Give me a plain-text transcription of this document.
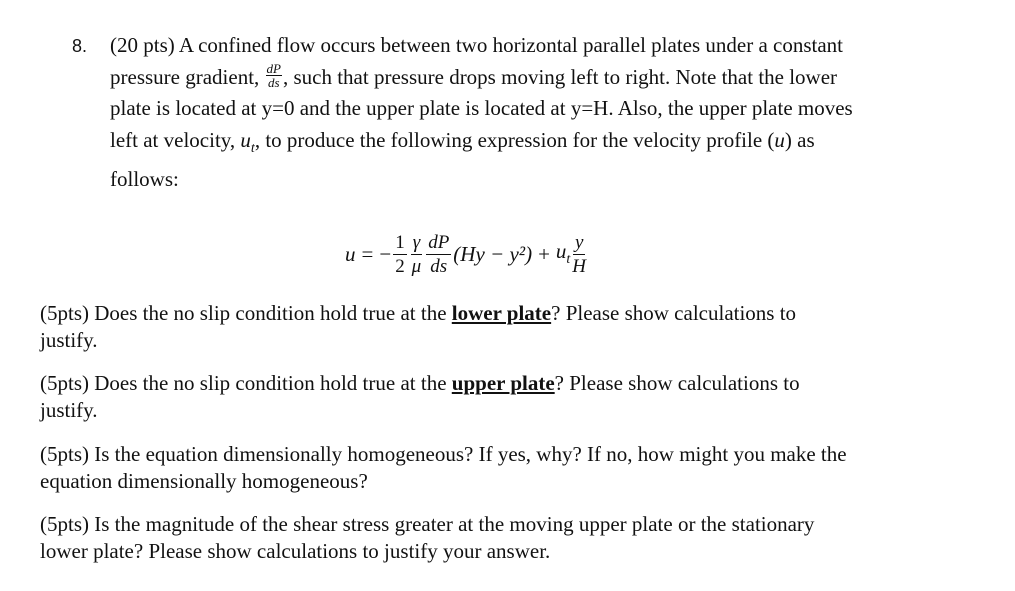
8. (20 pts) A confined flow occurs between two horizontal parallel plates under a constant
pressure gradient, $\frac{dP}{ds}$ , such that pressure drops moving left to right. Note that the lower
plate is located at y=0 and the upper plate is located at y=H. Also, the upper plate moves
left at velocity, $u_t$, to produce the following expression for the velocity profile (u) as
follows:
u = − $\frac{1}{2} \frac{\gamma}{\mu} \frac{dP}{ds} (Hy - y^2) + u_t \frac{y}{H}$
(5pts) Does the no slip condition hold true at the lower plate? Please show calculations to
justify.
(5pts) Does the no slip condition hold true at the upper plate? Please show calculations to
justify.
(5pts) Is the equation dimensionally homogeneous? If yes, why? If no, how might you make the
equation dimensionally homogeneous?
(5pts) Is the magnitude of the shear stress greater at the moving upper plate or the stationary
lower plate? Please show calculations to justify your answer.
